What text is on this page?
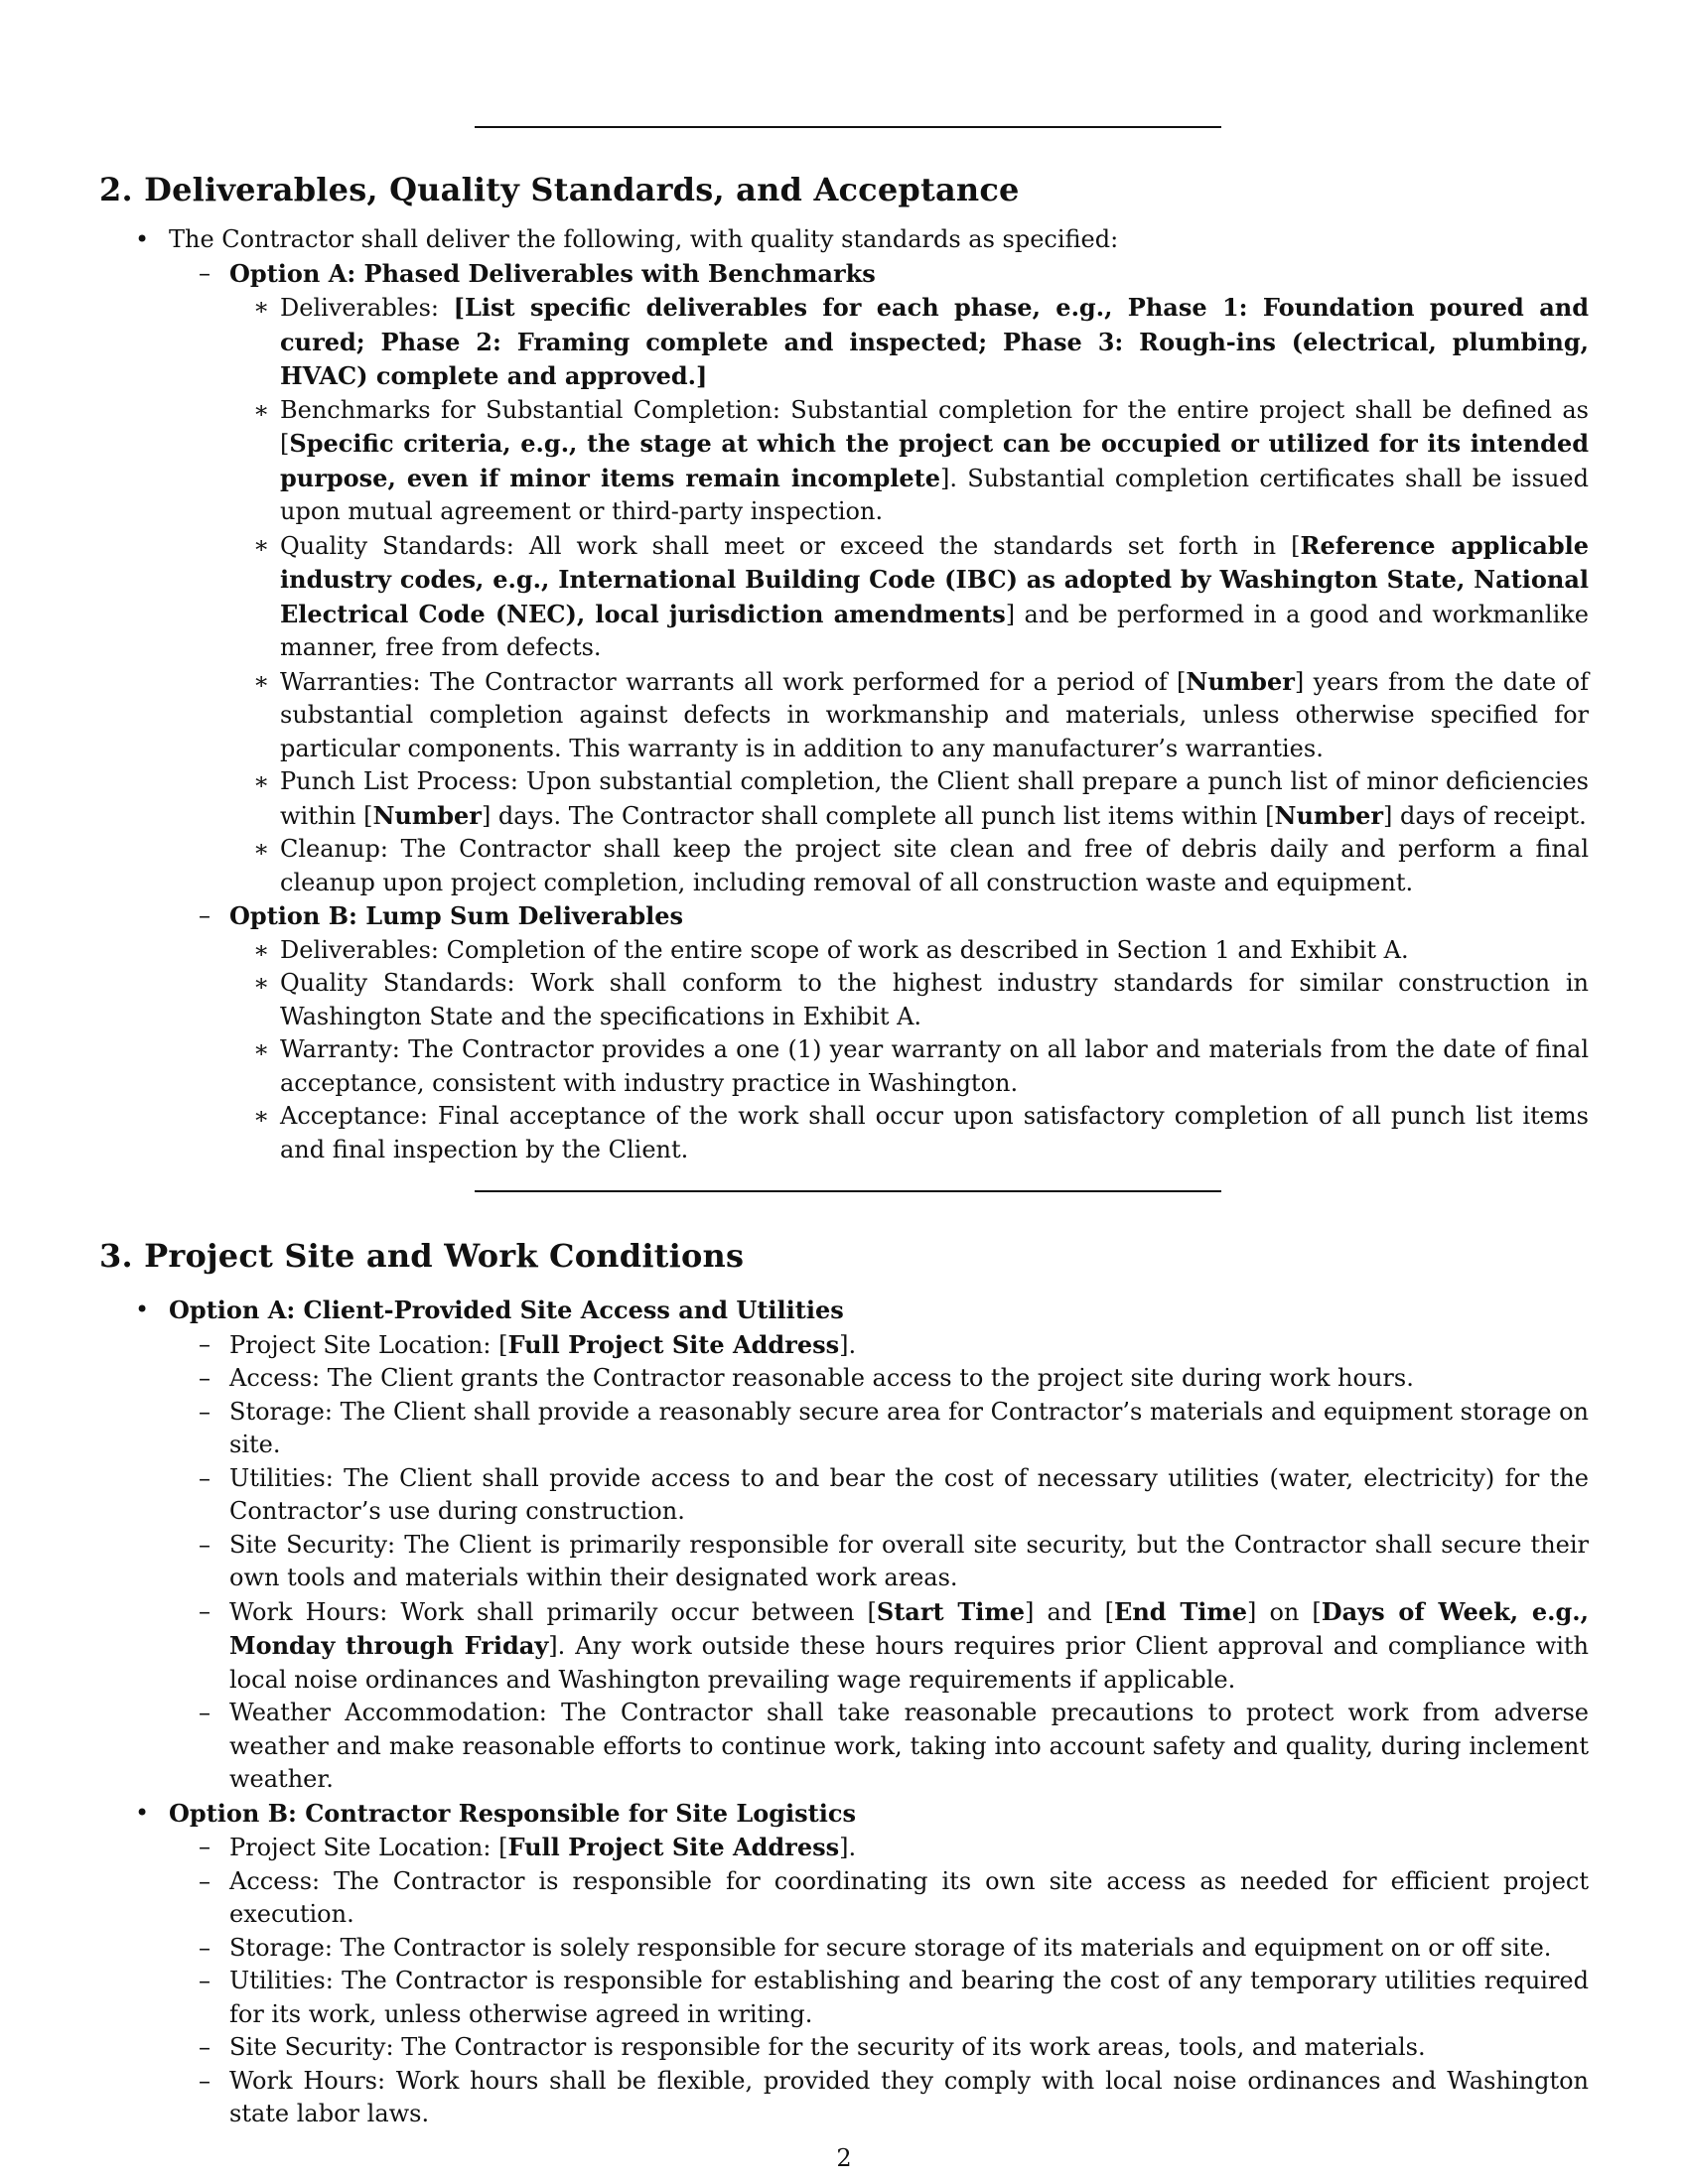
2. Deliverables, Quality Standards, and Acceptance
• The Contractor shall deliver the following, with quality standards as specified:
– Option A: Phased Deliverables with Benchmarks
∗ Deliverables: [List specific deliverables for each phase, e.g., Phase 1: Foundation poured and cured; Phase 2: Framing complete and inspected; Phase 3: Rough-ins (electrical, plumbing, HVAC) complete and approved.]
∗ Benchmarks for Substantial Completion: Substantial completion for the entire project shall be defined as [Specific criteria, e.g., the stage at which the project can be occupied or utilized for its intended purpose, even if minor items remain incomplete]. Substantial completion certificates shall be issued upon mutual agreement or third-party inspection.
∗ Quality Standards: All work shall meet or exceed the standards set forth in [Reference applicable industry codes, e.g., International Building Code (IBC) as adopted by Washington State, National Electrical Code (NEC), local jurisdiction amendments] and be performed in a good and workmanlike manner, free from defects.
∗ Warranties: The Contractor warrants all work performed for a period of [Number] years from the date of substantial completion against defects in workmanship and materials, unless otherwise specified for particular components. This warranty is in addition to any manufacturer’s warranties.
∗ Punch List Process: Upon substantial completion, the Client shall prepare a punch list of minor deficiencies within [Number] days. The Contractor shall complete all punch list items within [Number] days of receipt.
∗ Cleanup: The Contractor shall keep the project site clean and free of debris daily and perform a final cleanup upon project completion, including removal of all construction waste and equipment.
– Option B: Lump Sum Deliverables
∗ Deliverables: Completion of the entire scope of work as described in Section 1 and Exhibit A.
∗ Quality Standards: Work shall conform to the highest industry standards for similar construction in Washington State and the specifications in Exhibit A.
∗ Warranty: The Contractor provides a one (1) year warranty on all labor and materials from the date of final acceptance, consistent with industry practice in Washington.
∗ Acceptance: Final acceptance of the work shall occur upon satisfactory completion of all punch list items and final inspection by the Client.
3. Project Site and Work Conditions
• Option A: Client-Provided Site Access and Utilities
– Project Site Location: [Full Project Site Address].
– Access: The Client grants the Contractor reasonable access to the project site during work hours.
– Storage: The Client shall provide a reasonably secure area for Contractor’s materials and equipment storage on site.
– Utilities: The Client shall provide access to and bear the cost of necessary utilities (water, electricity) for the Contractor’s use during construction.
– Site Security: The Client is primarily responsible for overall site security, but the Contractor shall secure their own tools and materials within their designated work areas.
– Work Hours: Work shall primarily occur between [Start Time] and [End Time] on [Days of Week, e.g., Monday through Friday]. Any work outside these hours requires prior Client approval and compliance with local noise ordinances and Washington prevailing wage requirements if applicable.
– Weather Accommodation: The Contractor shall take reasonable precautions to protect work from adverse weather and make reasonable efforts to continue work, taking into account safety and quality, during inclement weather.
• Option B: Contractor Responsible for Site Logistics
– Project Site Location: [Full Project Site Address].
– Access: The Contractor is responsible for coordinating its own site access as needed for efficient project execution.
– Storage: The Contractor is solely responsible for secure storage of its materials and equipment on or off site.
– Utilities: The Contractor is responsible for establishing and bearing the cost of any temporary utilities required for its work, unless otherwise agreed in writing.
– Site Security: The Contractor is responsible for the security of its work areas, tools, and materials.
– Work Hours: Work hours shall be flexible, provided they comply with local noise ordinances and Washington state labor laws.
2
